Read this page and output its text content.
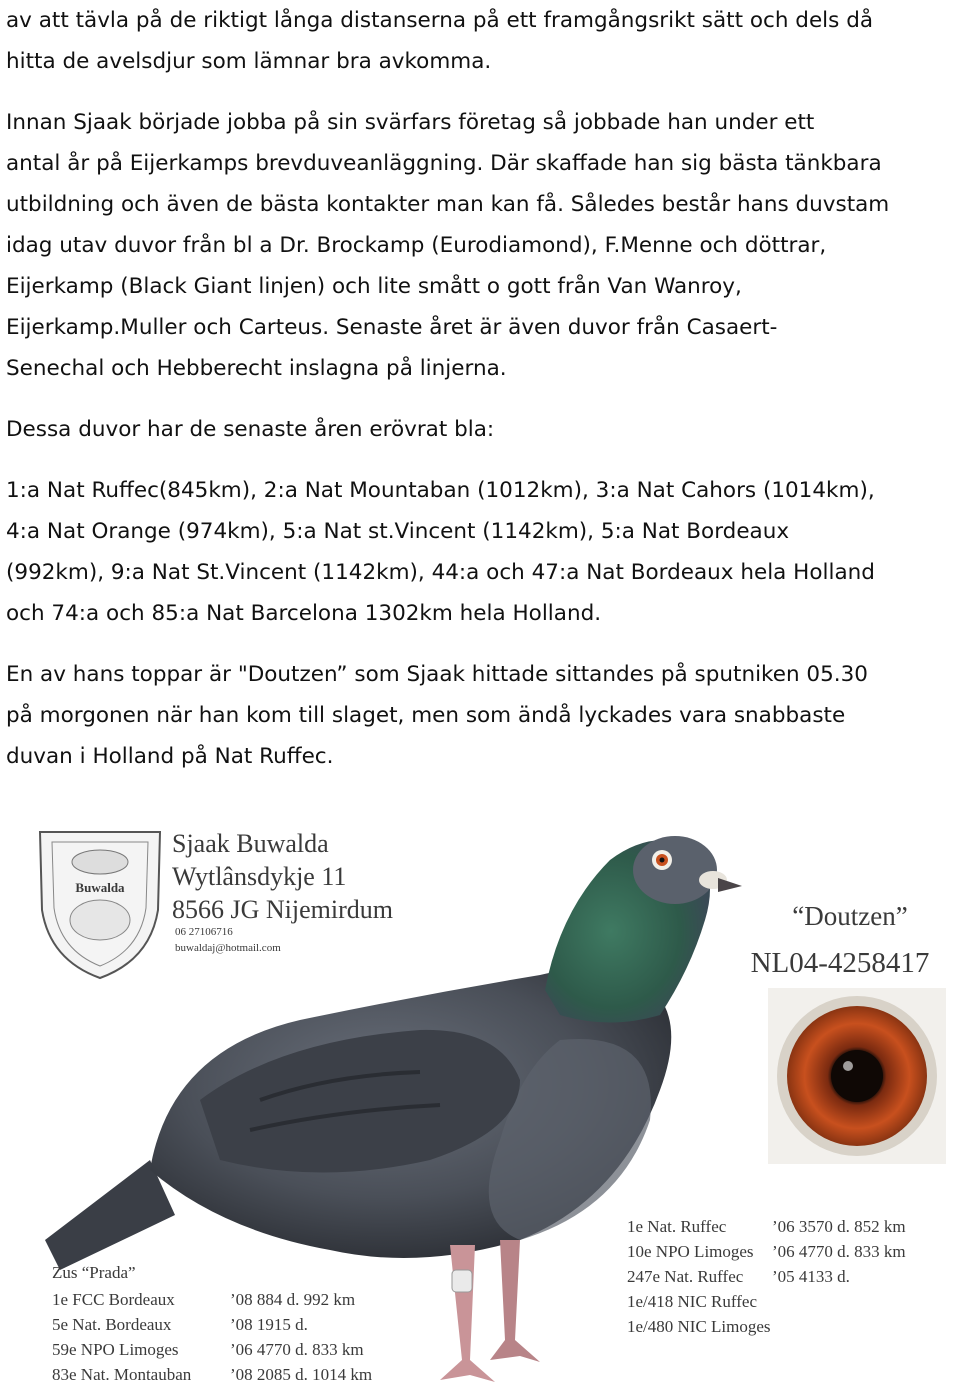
av att tävla på de riktigt långa distanserna på ett framgångsrikt sätt och dels då
hitta de avelsdjur som lämnar bra avkomma.

Innan Sjaak började jobba på sin svärfars företag så jobbade han under ett
antal år på Eijerkamps brevduveanläggning. Där skaffade han sig bästa tänkbara
utbildning och även de bästa kontakter man kan få. Således består hans duvstam
idag utav duvor från bl a Dr. Brockamp (Eurodiamond), F.Menne och döttrar,
Eijerkamp (Black Giant linjen) och lite smått o gott från Van Wanroy,
Eijerkamp.Muller och Carteus. Senaste året är även duvor från Casaert-
Senechal och Hebberecht inslagna på linjerna.

Dessa duvor har de senaste åren erövrat bla:

1:a Nat Ruffec(845km), 2:a Nat Mountaban (1012km), 3:a Nat Cahors (1014km),
4:a Nat Orange (974km), 5:a Nat st.Vincent (1142km), 5:a Nat Bordeaux
(992km), 9:a Nat St.Vincent (1142km), 44:a och 47:a Nat Bordeaux hela Holland
och 74:a och 85:a Nat Barcelona 1302km hela Holland.

En av hans toppar är "Doutzen” som Sjaak hittade sittandes på sputniken 05.30
på morgonen när han kom till slaget, men som ändå lyckades vara snabbaste
duvan i Holland på Nat Ruffec.

Buwalda
Sjaak Buwalda
Wytlânsdykje 11
8566 JG Nijemirdum
06 27106716
buwaldaj@hotmail.com
“Doutzen”
NL04-4258417
1e Nat. Ruffec	’06 3570 d. 852 km
10e NPO Limoges ’06 4770 d. 833 km
247e Nat. Ruffec ’05 4133 d.
1e/418 NIC Ruffec
1e/480 NIC Limoges
Zus “Prada”
1e FCC Bordeaux	’08 884 d. 992 km
5e Nat. Bordeaux	’08 1915 d.
59e NPO Limoges	’06 4770 d. 833 km
83e Nat. Montauban ’08 2085 d. 1014 km
